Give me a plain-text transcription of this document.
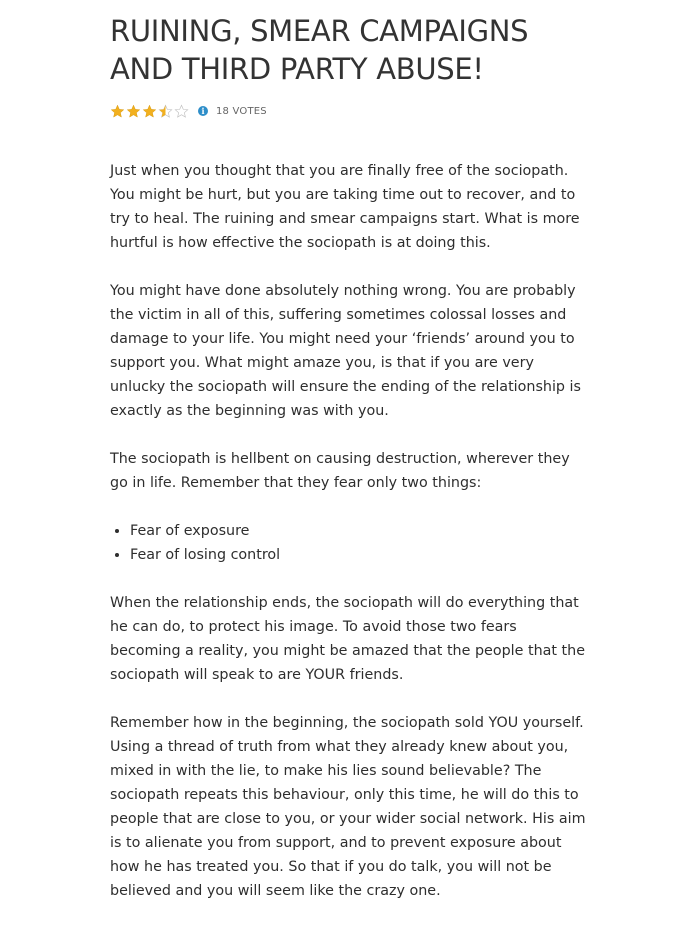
RUINING, SMEAR CAMPAIGNS AND THIRD PARTY ABUSE!
i	18 VOTES

Just when you thought that you are finally free of the sociopath. You might be hurt, but you are taking time out to recover, and to try to heal. The ruining and smear campaigns start. What is more hurtful is how effective the sociopath is at doing this.

You might have done absolutely nothing wrong. You are probably the victim in all of this, suffering sometimes colossal losses and damage to your life. You might need your ‘friends’ around you to support you. What might amaze you, is that if you are very unlucky the sociopath will ensure the ending of the relationship is exactly as the beginning was with you.

The sociopath is hellbent on causing destruction, wherever they go in life. Remember that they fear only two things:

• Fear of exposure
• Fear of losing control

When the relationship ends, the sociopath will do everything that he can do, to protect his image. To avoid those two fears becoming a reality, you might be amazed that the people that the sociopath will speak to are YOUR friends.

Remember how in the beginning, the sociopath sold YOU yourself. Using a thread of truth from what they already knew about you, mixed in with the lie, to make his lies sound believable? The sociopath repeats this behaviour, only this time, he will do this to people that are close to you, or your wider social network. His aim is to alienate you from support, and to prevent exposure about how he has treated you. So that if you do talk, you will not be believed and you will seem like the crazy one.
